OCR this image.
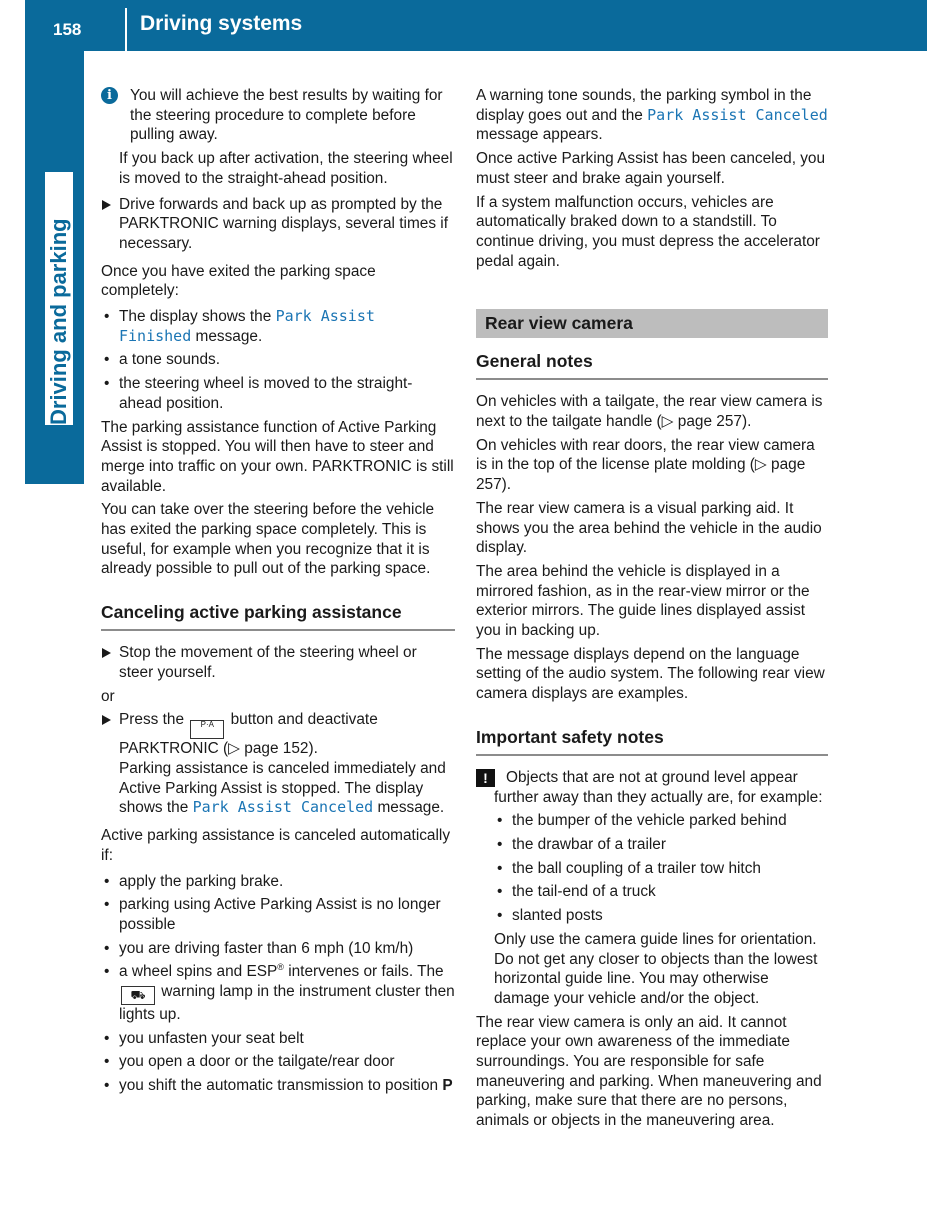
158	Driving systems
Driving and parking
i	You will achieve the best results by waiting for the steering procedure to complete before pulling away.

If you back up after activation, the steering wheel is moved to the straight-ahead position.

Drive forwards and back up as prompted by the PARKTRONIC warning displays, several times if necessary.

Once you have exited the parking space completely:

• The display shows the Park Assist Finished message.
• a tone sounds.
• the steering wheel is moved to the straight-ahead position.

The parking assistance function of Active Parking Assist is stopped. You will then have to steer and merge into traffic on your own. PARKTRONIC is still available.

You can take over the steering before the vehicle has exited the parking space completely. This is useful, for example when you recognize that it is already possible to pull out of the parking space.

Canceling active parking assistance
Stop the movement of the steering wheel or steer yourself.

or

Press the P·A button and deactivate PARKTRONIC (▷ page 152).
Parking assistance is canceled immediately and Active Parking Assist is stopped. The display shows the Park Assist Canceled message.

Active parking assistance is canceled automatically if:

• apply the parking brake.
• parking using Active Parking Assist is no longer possible
• you are driving faster than 6 mph (10 km/h)
• a wheel spins and ESP® intervenes or fails. The ⛟ warning lamp in the instrument cluster then lights up.
• you unfasten your seat belt
• you open a door or the tailgate/rear door
• you shift the automatic transmission to position P

A warning tone sounds, the parking symbol in the display goes out and the Park Assist Canceled message appears.

Once active Parking Assist has been canceled, you must steer and brake again yourself.

If a system malfunction occurs, vehicles are automatically braked down to a standstill. To continue driving, you must depress the accelerator pedal again.

Rear view camera
General notes

On vehicles with a tailgate, the rear view camera is next to the tailgate handle (▷ page 257).

On vehicles with rear doors, the rear view camera is in the top of the license plate molding (▷ page 257).

The rear view camera is a visual parking aid. It shows you the area behind the vehicle in the audio display.

The area behind the vehicle is displayed in a mirrored fashion, as in the rear-view mirror or the exterior mirrors. The guide lines displayed assist you in backing up.

The message displays depend on the language setting of the audio system. The following rear view camera displays are examples.

Important safety notes
!	Objects that are not at ground level appear further away than they actually are, for example:

• the bumper of the vehicle parked behind
• the drawbar of a trailer
• the ball coupling of a trailer tow hitch
• the tail-end of a truck
• slanted posts

Only use the camera guide lines for orientation. Do not get any closer to objects than the lowest horizontal guide line. You may otherwise damage your vehicle and/or the object.

The rear view camera is only an aid. It cannot replace your own awareness of the immediate surroundings. You are responsible for safe maneuvering and parking. When maneuvering and parking, make sure that there are no persons, animals or objects in the maneuvering area.
